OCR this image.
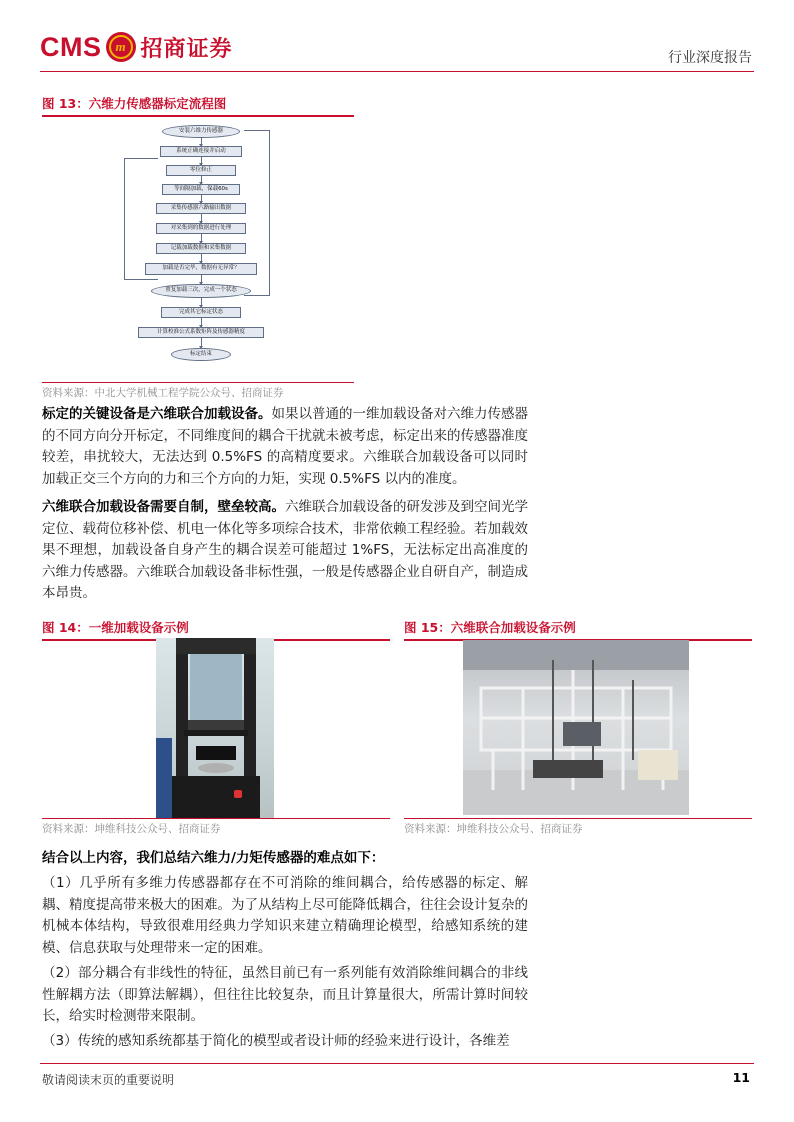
CMS m 招商证券	行业深度报告
图 13：六维力传感器标定流程图
安装六维力传感器
系统正确连接并启动
零位修正
等间隔加载，保载60s
采集传感器六路输出数据
对采集到的数据进行处理
记载加载数据和采集数据
加载是否完毕，数据有无异常？
重复加载三次，完成一个状态
完成其它标定状态
计算校准公式系数矩阵及传感器精度
标定结束
资料来源：中北大学机械工程学院公众号、招商证券

标定的关键设备是六维联合加载设备。如果以普通的一维加载设备对六维力传感器的不同方向分开标定，不同维度间的耦合干扰就未被考虑，标定出来的传感器准度较差，串扰较大，无法达到 0.5%FS 的高精度要求。六维联合加载设备可以同时加载正交三个方向的力和三个方向的力矩，实现 0.5%FS 以内的准度。

六维联合加载设备需要自制，壁垒较高。六维联合加载设备的研发涉及到空间光学定位、载荷位移补偿、机电一体化等多项综合技术，非常依赖工程经验。若加载效果不理想，加载设备自身产生的耦合误差可能超过 1%FS，无法标定出高准度的六维力传感器。六维联合加载设备非标性强，一般是传感器企业自研自产，制造成本昂贵。

图 14：一维加载设备示例
资料来源：坤维科技公众号、招商证券
图 15：六维联合加载设备示例
资料来源：坤维科技公众号、招商证券
结合以上内容，我们总结六维力/力矩传感器的难点如下：

（1）几乎所有多维力传感器都存在不可消除的维间耦合，给传感器的标定、解耦、精度提高带来极大的困难。为了从结构上尽可能降低耦合，往往会设计复杂的机械本体结构，导致很难用经典力学知识来建立精确理论模型，给感知系统的建模、信息获取与处理带来一定的困难。

（2）部分耦合有非线性的特征，虽然目前已有一系列能有效消除维间耦合的非线性解耦方法（即算法解耦），但往往比较复杂，而且计算量很大，所需计算时间较长，给实时检测带来限制。

（3）传统的感知系统都基于简化的模型或者设计师的经验来进行设计，各维差

敬请阅读末页的重要说明	11
